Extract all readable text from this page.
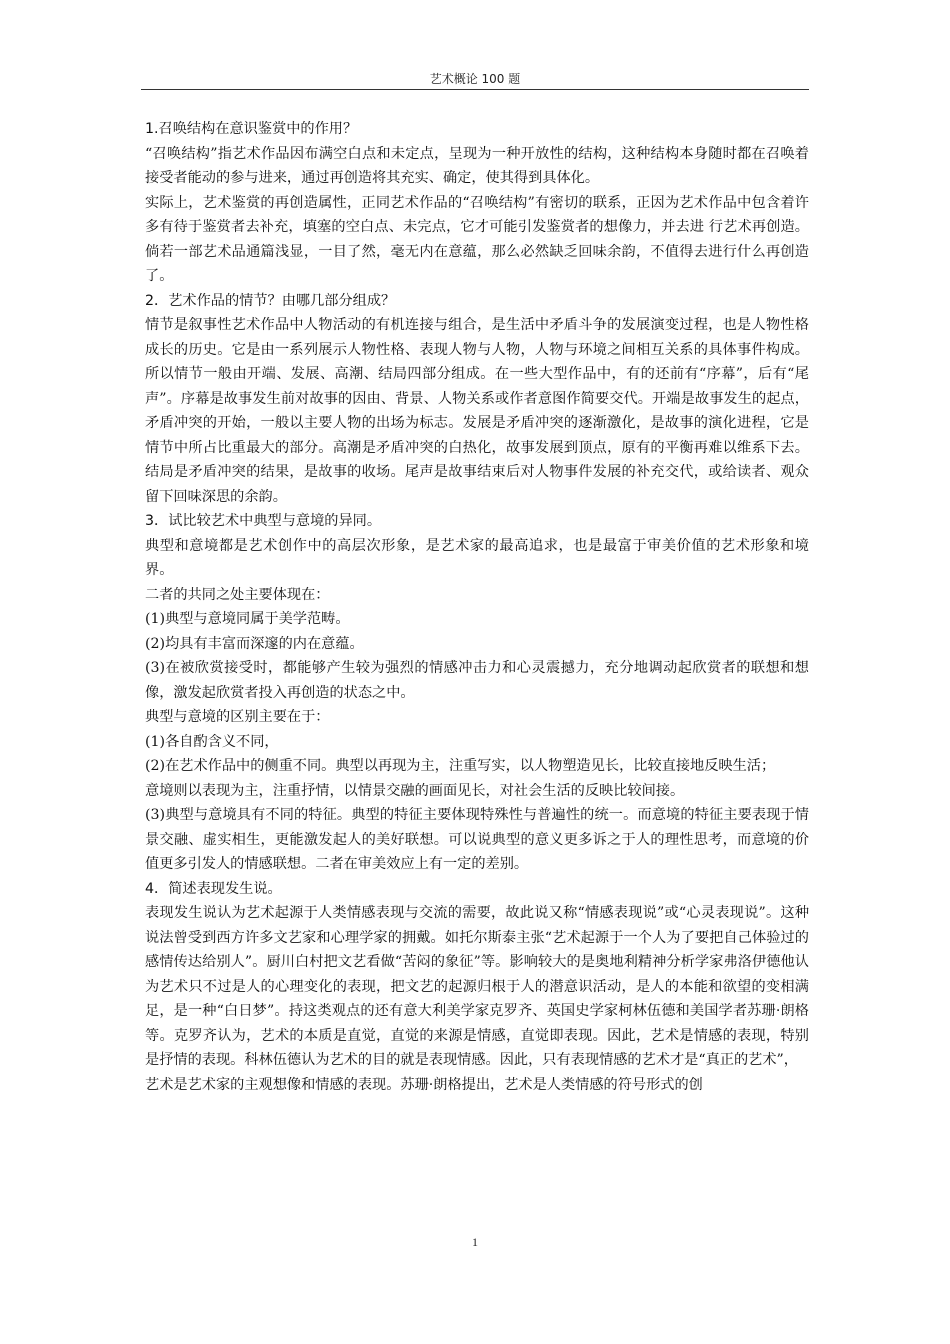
艺术概论 100 题

1.召唤结构在意识鉴赏中的作用？

“召唤结构”指艺术作品因布满空白点和未定点，呈现为一种开放性的结构，这种结构本身随时都在召唤着接受者能动的参与进来，通过再创造将其充实、确定，使其得到具体化。

实际上，艺术鉴赏的再创造属性，正同艺术作品的“召唤结构”有密切的联系，正因为艺术作品中包含着许多有待于鉴赏者去补充，填塞的空白点、未完点，它才可能引发鉴赏者的想像力，并去进 行艺术再创造。倘若一部艺术品通篇浅显，一目了然，毫无内在意蕴，那么必然缺乏回味余韵，不值得去进行什么再创造了。

2．艺术作品的情节？由哪几部分组成？

情节是叙事性艺术作品中人物活动的有机连接与组合，是生活中矛盾斗争的发展演变过程，也是人物性格成长的历史。它是由一系列展示人物性格、表现人物与人物，人物与环境之间相互关系的具体事件构成。所以情节一般由开端、发展、高潮、结局四部分组成。在一些大型作品中，有的还前有“序幕”，后有“尾声”。序幕是故事发生前对故事的因由、背景、人物关系或作者意图作简要交代。开端是故事发生的起点，矛盾冲突的开始，一般以主要人物的出场为标志。发展是矛盾冲突的逐渐激化，是故事的演化进程，它是情节中所占比重最大的部分。高潮是矛盾冲突的白热化，故事发展到顶点，原有的平衡再难以维系下去。结局是矛盾冲突的结果，是故事的收场。尾声是故事结束后对人物事件发展的补充交代，或给读者、观众留下回味深思的余韵。

3．试比较艺术中典型与意境的异同。

典型和意境都是艺术创作中的高层次形象，是艺术家的最高追求，也是最富于审美价值的艺术形象和境界。

二者的共同之处主要体现在：

(1)典型与意境同属于美学范畴。

(2)均具有丰富而深邃的内在意蕴。

(3)在被欣赏接受时，都能够产生较为强烈的情感冲击力和心灵震撼力，充分地调动起欣赏者的联想和想像，激发起欣赏者投入再创造的状态之中。

典型与意境的区别主要在于：

(1)各自酌含义不同，

(2)在艺术作品中的侧重不同。典型以再现为主，注重写实，以人物塑造见长，比较直接地反映生活；

意境则以表现为主，注重抒情，以情景交融的画面见长，对社会生活的反映比较间接。

(3)典型与意境具有不同的特征。典型的特征主要体现特殊性与普遍性的统一。而意境的特征主要表现于情景交融、虚实相生，更能激发起人的美好联想。可以说典型的意义更多诉之于人的理性思考，而意境的价值更多引发人的情感联想。二者在审美效应上有一定的差别。

4．简述表现发生说。

表现发生说认为艺术起源于人类情感表现与交流的需要，故此说又称“情感表现说”或“心灵表现说”。这种说法曾受到西方许多文艺家和心理学家的拥戴。如托尔斯泰主张“艺术起源于一个人为了要把自己体验过的感情传达给别人”。厨川白村把文艺看做“苦闷的象征”等。影响较大的是奥地利精神分析学家弗洛伊德他认为艺术只不过是人的心理变化的表现，把文艺的起源归根于人的潜意识活动，是人的本能和欲望的变相满足，是一种“白日梦”。持这类观点的还有意大利美学家克罗齐、英国史学家柯林伍德和美国学者苏珊·朗格等。克罗齐认为，艺术的本质是直觉，直觉的来源是情感，直觉即表现。因此，艺术是情感的表现，特别是抒情的表现。科林伍德认为艺术的目的就是表现情感。因此，只有表现情感的艺术才是“真正的艺术”，

艺术是艺术家的主观想像和情感的表现。苏珊·朗格提出，艺术是人类情感的符号形式的创

1
